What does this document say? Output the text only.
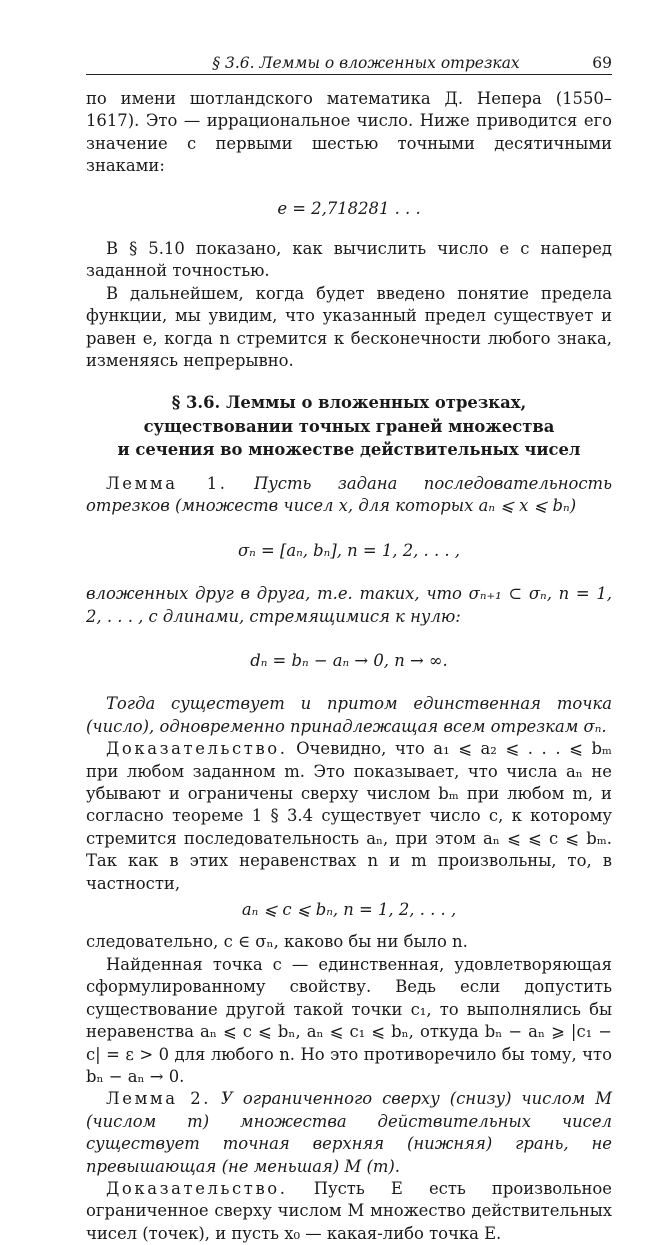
§ 3.6. Леммы о вложенных отрезках	69

по имени шотландского математика Д. Непера (1550–1617). Это — иррациональное число. Ниже приводится его значение с первыми шестью точными десятичными знаками:

e = 2,718281 . . .

В § 5.10 показано, как вычислить число e с наперед заданной точностью.

В дальнейшем, когда будет введено понятие предела функции, мы увидим, что указанный предел существует и равен e, когда n стремится к бесконечности любого знака, изменяясь непрерывно.

§ 3.6. Леммы о вложенных отрезках,
существовании точных граней множества
и сечения во множестве действительных чисел

Лемма 1. Пусть задана последовательность отрезков (множеств чисел x, для которых aₙ ⩽ x ⩽ bₙ)

σₙ = [aₙ, bₙ], n = 1, 2, . . . ,

вложенных друг в друга, т.е. таких, что σₙ₊₁ ⊂ σₙ, n = 1, 2, . . . , с длинами, стремящимися к нулю:

dₙ = bₙ − aₙ → 0, n → ∞.

Тогда существует и притом единственная точка (число), одновременно принадлежащая всем отрезкам σₙ.

Доказательство. Очевидно, что a₁ ⩽ a₂ ⩽ . . . ⩽ bₘ при любом заданном m. Это показывает, что числа aₙ не убывают и ограничены сверху числом bₘ при любом m, и согласно теореме 1 § 3.4 существует число c, к которому стремится последовательность aₙ, при этом aₙ ⩽ ⩽ c ⩽ bₘ. Так как в этих неравенствах n и m произвольны, то, в частности,

aₙ ⩽ c ⩽ bₙ, n = 1, 2, . . . ,

следовательно, c ∈ σₙ, каково бы ни было n.

Найденная точка c — единственная, удовлетворяющая сформулированному свойству. Ведь если допустить существование другой такой точки c₁, то выполнялись бы неравенства aₙ ⩽ c ⩽ bₙ, aₙ ⩽ c₁ ⩽ bₙ, откуда bₙ − aₙ ⩾ |c₁ − c| = ε > 0 для любого n. Но это противоречило бы тому, что bₙ − aₙ → 0.

Лемма 2. У ограниченного сверху (снизу) числом M (числом m) множества действительных чисел существует точная верхняя (нижняя) грань, не превышающая (не меньшая) M (m).

Доказательство. Пусть E есть произвольное ограниченное сверху числом M множество действительных чисел (точек), и пусть x₀ — какая-либо точка E.
